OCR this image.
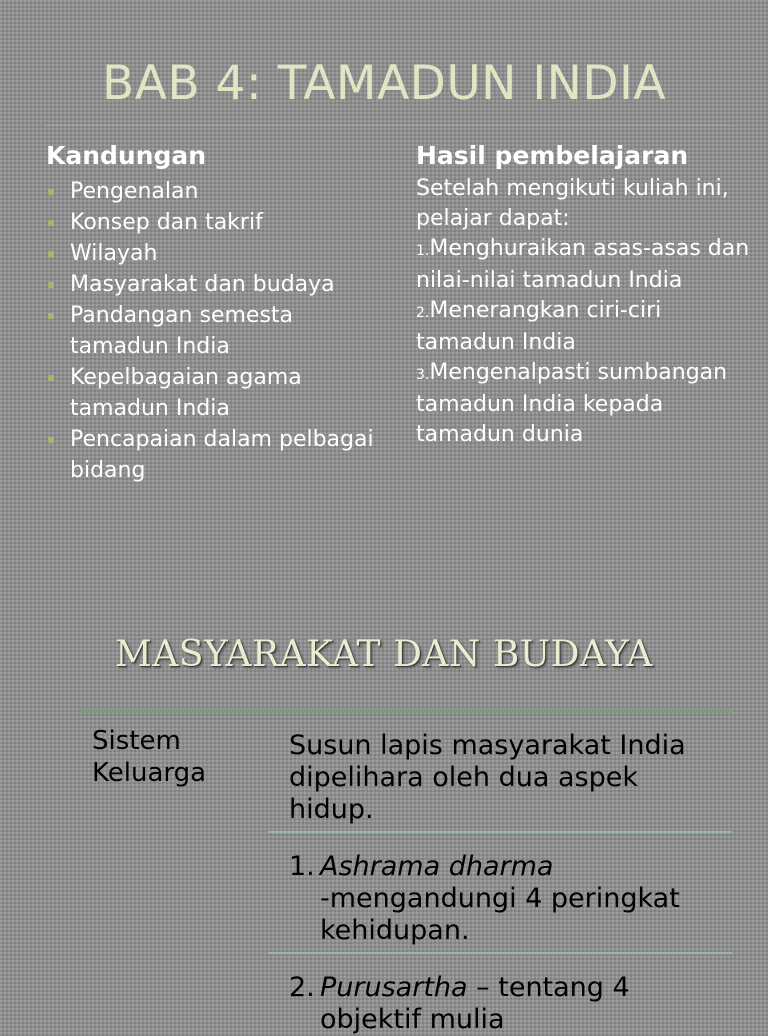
BAB 4: TAMADUN INDIA
Kandungan
Pengenalan
Konsep dan takrif
Wilayah
Masyarakat dan budaya
Pandangan semesta tamadun India
Kepelbagaian agama tamadun India
Pencapaian dalam pelbagai bidang
Hasil pembelajaran

Setelah mengikuti kuliah ini, pelajar dapat:

1.Menghuraikan asas-asas dan nilai-nilai tamadun India
2.Menerangkan ciri-ciri tamadun India
3.Mengenalpasti sumbangan tamadun India kepada tamadun dunia
MASYARAKAT DAN BUDAYA

Sistem Keluarga

Susun lapis masyarakat India dipelihara oleh dua aspek hidup.

1. Ashrama dharma
-mengandungi 4 peringkat kehidupan.
2. Purusartha – tentang 4 objektif mulia
